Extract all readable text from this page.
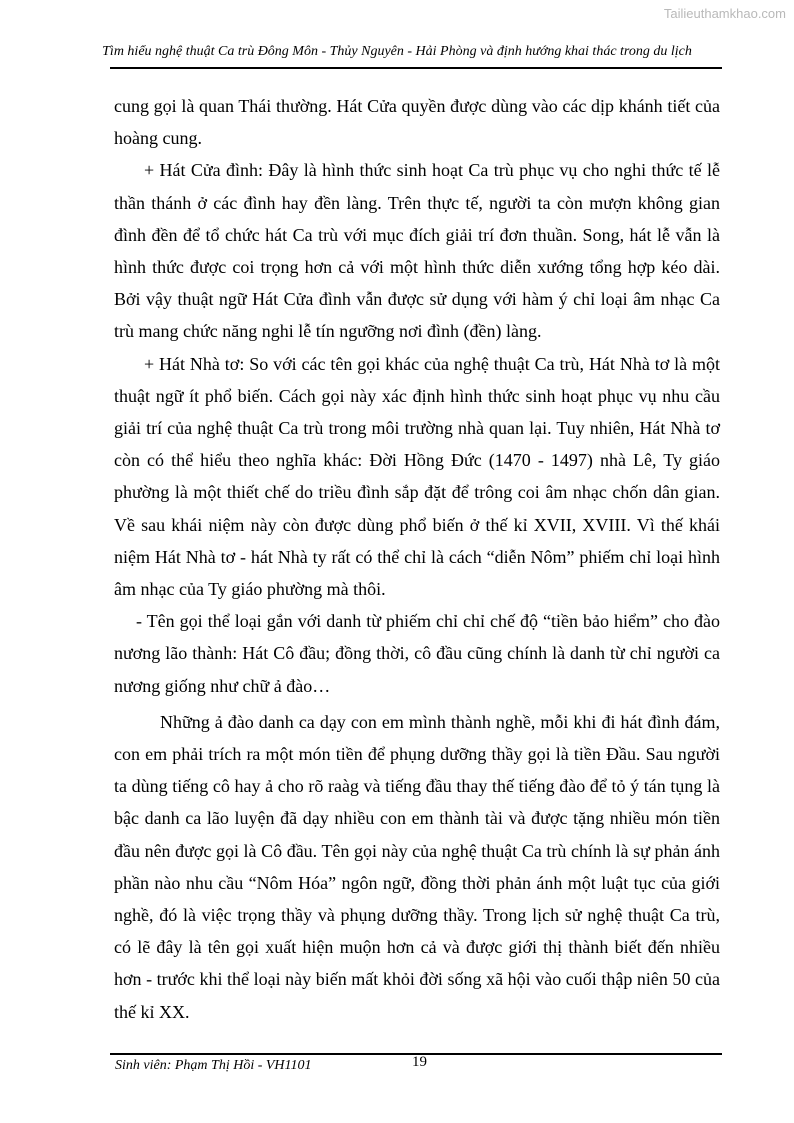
Tailieuthamkhao.com
Tìm hiểu nghệ thuật Ca trù Đông Môn - Thủy Nguyên - Hải Phòng và định hướng khai thác trong du lịch

cung gọi là quan Thái thường. Hát Cửa quyền được dùng vào các dịp khánh tiết của hoàng cung.

+ Hát Cửa đình: Đây là hình thức sinh hoạt Ca trù phục vụ cho nghi thức tế lễ thần thánh ở các đình hay đền làng. Trên thực tế, người ta còn mượn không gian đình đền để tổ chức hát Ca trù với mục đích giải trí đơn thuần. Song, hát lễ vẫn là hình thức được coi trọng hơn cả với một hình thức diễn xướng tổng hợp kéo dài. Bởi vậy thuật ngữ Hát Cửa đình vẫn được sử dụng với hàm ý chỉ loại âm nhạc Ca trù mang chức năng nghi lễ tín ngưỡng nơi đình (đền) làng.

+ Hát Nhà tơ: So với các tên gọi khác của nghệ thuật Ca trù, Hát Nhà tơ là một thuật ngữ ít phổ biến. Cách gọi này xác định hình thức sinh hoạt phục vụ nhu cầu giải trí của nghệ thuật Ca trù trong môi trường nhà quan lại. Tuy nhiên, Hát Nhà tơ còn có thể hiểu theo nghĩa khác: Đời Hồng Đức (1470 - 1497) nhà Lê, Ty giáo phường là một thiết chế do triều đình sắp đặt để trông coi âm nhạc chốn dân gian. Về sau khái niệm này còn được dùng phổ biến ở thế kỉ XVII, XVIII. Vì thế khái niệm Hát Nhà tơ - hát Nhà ty rất có thể chỉ là cách “diễn Nôm” phiếm chỉ loại hình âm nhạc của Ty giáo phường mà thôi.

- Tên gọi thể loại gắn với danh từ phiếm chỉ chỉ chế độ “tiền bảo hiểm” cho đào nương lão thành: Hát Cô đầu; đồng thời, cô đầu cũng chính là danh từ chỉ người ca nương giống như chữ ả đào…

Những ả đào danh ca dạy con em mình thành nghề, mỗi khi đi hát đình đám, con em phải trích ra một món tiền để phụng dưỡng thầy gọi là tiền Đầu. Sau người ta dùng tiếng cô hay ả cho rõ raàg và tiếng đầu thay thế tiếng đào để tỏ ý tán tụng là bậc danh ca lão luyện đã dạy nhiều con em thành tài và được tặng nhiều món tiền đầu nên được gọi là Cô đầu. Tên gọi này của nghệ thuật Ca trù chính là sự phản ánh phần nào nhu cầu “Nôm Hóa” ngôn ngữ, đồng thời phản ánh một luật tục của giới nghề, đó là việc trọng thầy và phụng dưỡng thầy. Trong lịch sử nghệ thuật Ca trù, có lẽ đây là tên gọi xuất hiện muộn hơn cả và được giới thị thành biết đến nhiều hơn - trước khi thể loại này biến mất khỏi đời sống xã hội vào cuối thập niên 50 của thế kỉ XX.

Sinh viên: Phạm Thị Hồi - VH1101	19
